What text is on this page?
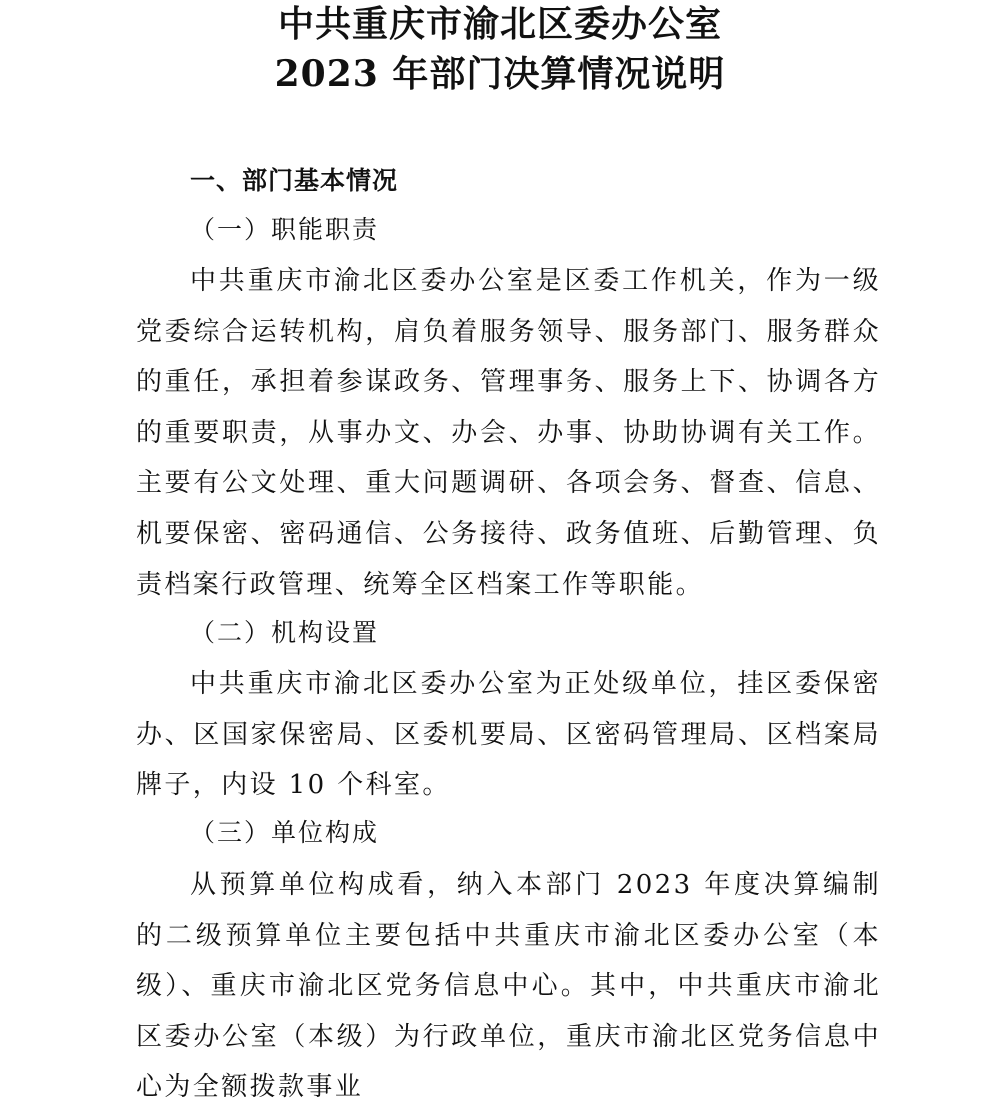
中共重庆市渝北区委办公室
2023 年部门决算情况说明
一、部门基本情况
（一）职能职责

中共重庆市渝北区委办公室是区委工作机关，作为一级党委综合运转机构，肩负着服务领导、服务部门、服务群众的重任，承担着参谋政务、管理事务、服务上下、协调各方的重要职责，从事办文、办会、办事、协助协调有关工作。主要有公文处理、重大问题调研、各项会务、督查、信息、机要保密、密码通信、公务接待、政务值班、后勤管理、负责档案行政管理、统筹全区档案工作等职能。

（二）机构设置

中共重庆市渝北区委办公室为正处级单位，挂区委保密办、区国家保密局、区委机要局、区密码管理局、区档案局牌子，内设 10 个科室。

（三）单位构成

从预算单位构成看，纳入本部门 2023 年度决算编制的二级预算单位主要包括中共重庆市渝北区委办公室（本级）、重庆市渝北区党务信息中心。其中，中共重庆市渝北区委办公室（本级）为行政单位，重庆市渝北区党务信息中心为全额拨款事业
